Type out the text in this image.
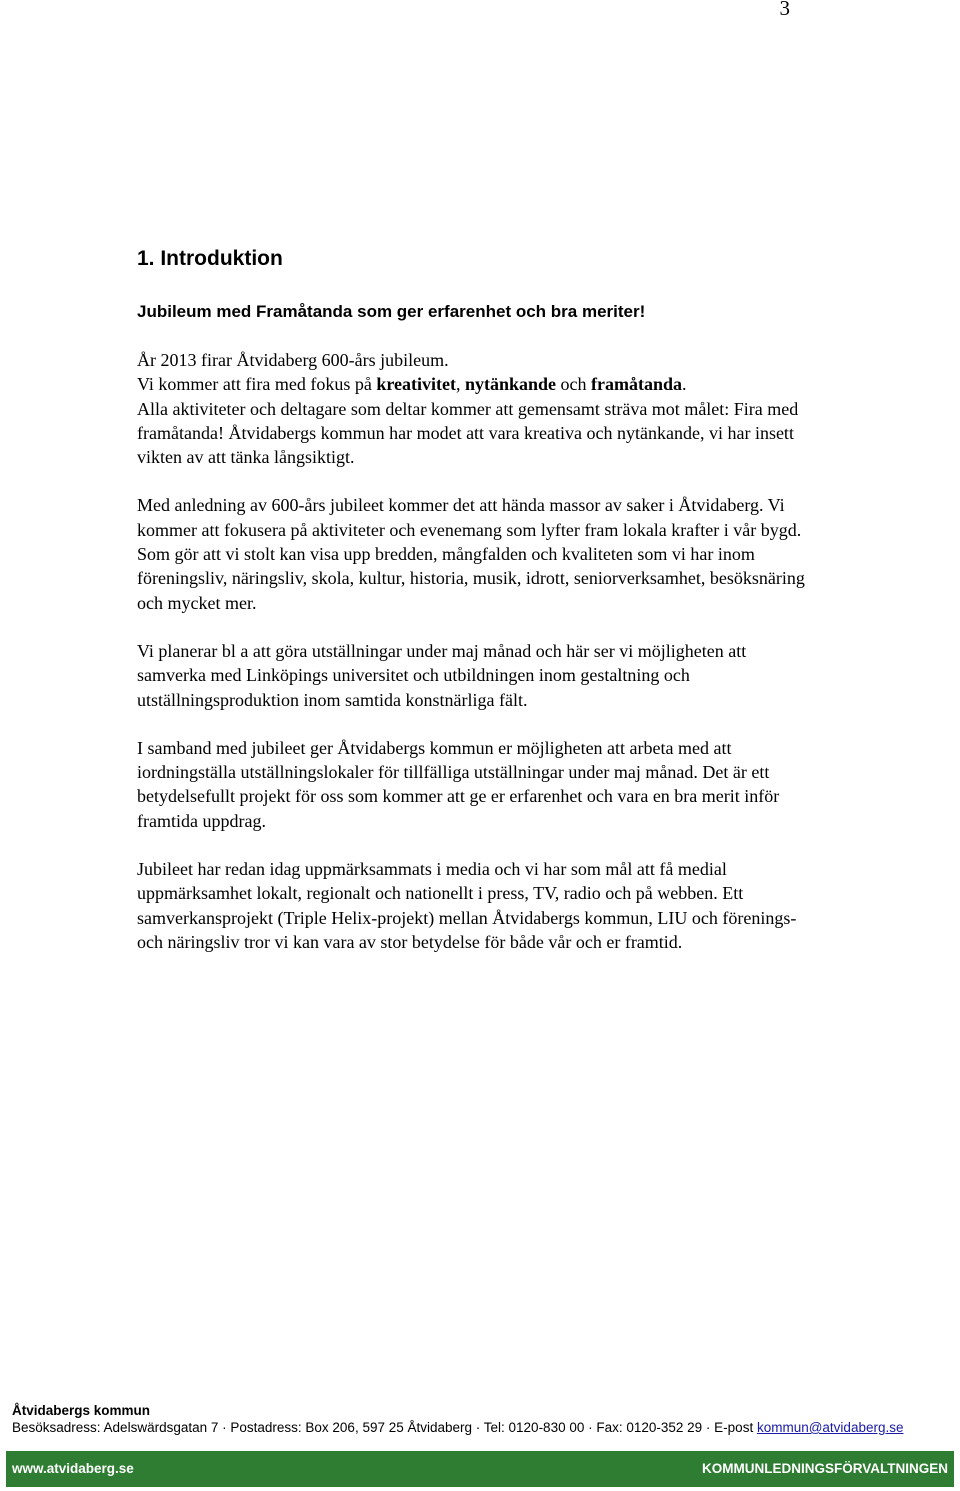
3
1. Introduktion
Jubileum med Framåtanda som ger erfarenhet och bra meriter!

År 2013 firar Åtvidaberg 600-års jubileum.
Vi kommer att fira med fokus på kreativitet, nytänkande och framåtanda.
Alla aktiviteter och deltagare som deltar kommer att gemensamt sträva mot målet: Fira med framåtanda! Åtvidabergs kommun har modet att vara kreativa och nytänkande, vi har insett vikten av att tänka långsiktigt.

Med anledning av 600-års jubileet kommer det att hända massor av saker i Åtvidaberg. Vi kommer att fokusera på aktiviteter och evenemang som lyfter fram lokala krafter i vår bygd. Som gör att vi stolt kan visa upp bredden, mångfalden och kvaliteten som vi har inom föreningsliv, näringsliv, skola, kultur, historia, musik, idrott, seniorverksamhet, besöksnäring och mycket mer.

Vi planerar bl a att göra utställningar under maj månad och här ser vi möjligheten att samverka med Linköpings universitet och utbildningen inom gestaltning och utställningsproduktion inom samtida konstnärliga fält.

I samband med jubileet ger Åtvidabergs kommun er möjligheten att arbeta med att iordningställa utställningslokaler för tillfälliga utställningar under maj månad. Det är ett betydelsefullt projekt för oss som kommer att ge er erfarenhet och vara en bra merit inför framtida uppdrag.

Jubileet har redan idag uppmärksammats i media och vi har som mål att få medial uppmärksamhet lokalt, regionalt och nationellt i press, TV, radio och på webben. Ett samverkansprojekt (Triple Helix-projekt) mellan Åtvidabergs kommun, LIU och förenings- och näringsliv tror vi kan vara av stor betydelse för både vår och er framtid.

Åtvidabergs kommun
Besöksadress: Adelswärdsgatan 7 · Postadress: Box 206, 597 25 Åtvidaberg · Tel: 0120-830 00 · Fax: 0120-352 29 · E-post kommun@atvidaberg.se
www.atvidaberg.se	KOMMUNLEDNINGSFÖRVALTNINGEN
